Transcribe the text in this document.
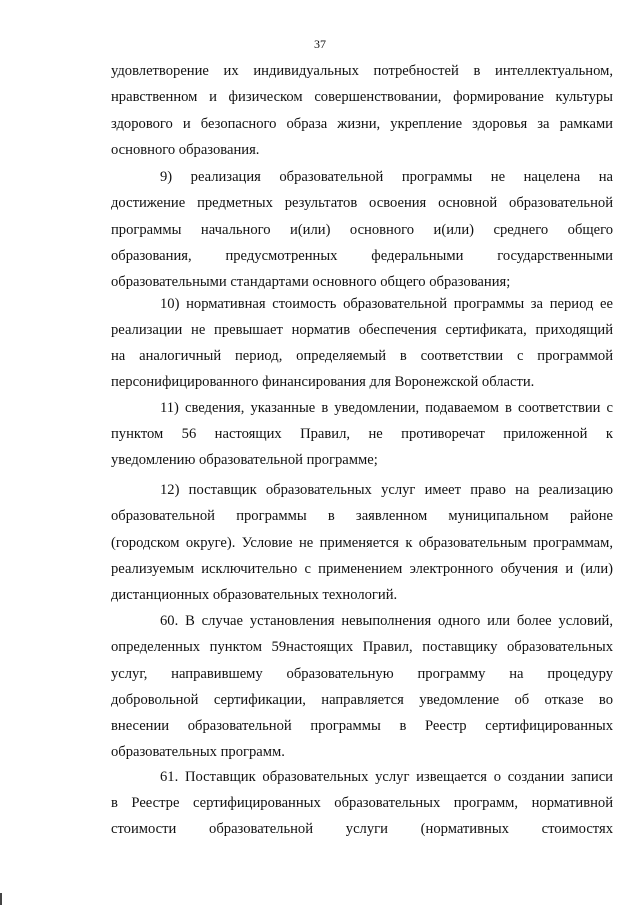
37
удовлетворение их индивидуальных потребностей в интеллектуальном,
нравственном и физическом совершенствовании, формирование культуры
здорового и безопасного образа жизни, укрепление здоровья за рамками
основного образования.
9) реализация образовательной программы не нацелена на
достижение предметных результатов освоения основной образовательной
программы начального и(или) основного и(или) среднего общего
образования, предусмотренных федеральными государственными
образовательными стандартами основного общего образования;
10) нормативная стоимость образовательной программы за период ее
реализации не превышает норматив обеспечения сертификата, приходящий
на аналогичный период, определяемый в соответствии с программой
персонифицированного финансирования для Воронежской области.
11) сведения, указанные в уведомлении, подаваемом в соответствии с
пунктом 56 настоящих Правил, не противоречат приложенной к
уведомлению образовательной программе;
12) поставщик образовательных услуг имеет право на реализацию
образовательной программы в заявленном муниципальном районе
(городском округе). Условие не применяется к образовательным программам,
реализуемым исключительно с применением электронного обучения и (или)
дистанционных образовательных технологий.
60. В случае установления невыполнения одного или более условий,
определенных пунктом 59настоящих Правил, поставщику образовательных
услуг, направившему образовательную программу на процедуру
добровольной сертификации, направляется уведомление об отказе во
внесении образовательной программы в Реестр сертифицированных
образовательных программ.
61. Поставщик образовательных услуг извещается о создании записи
в Реестре сертифицированных образовательных программ, нормативной
стоимости образовательной услуги (нормативных стоимостях
